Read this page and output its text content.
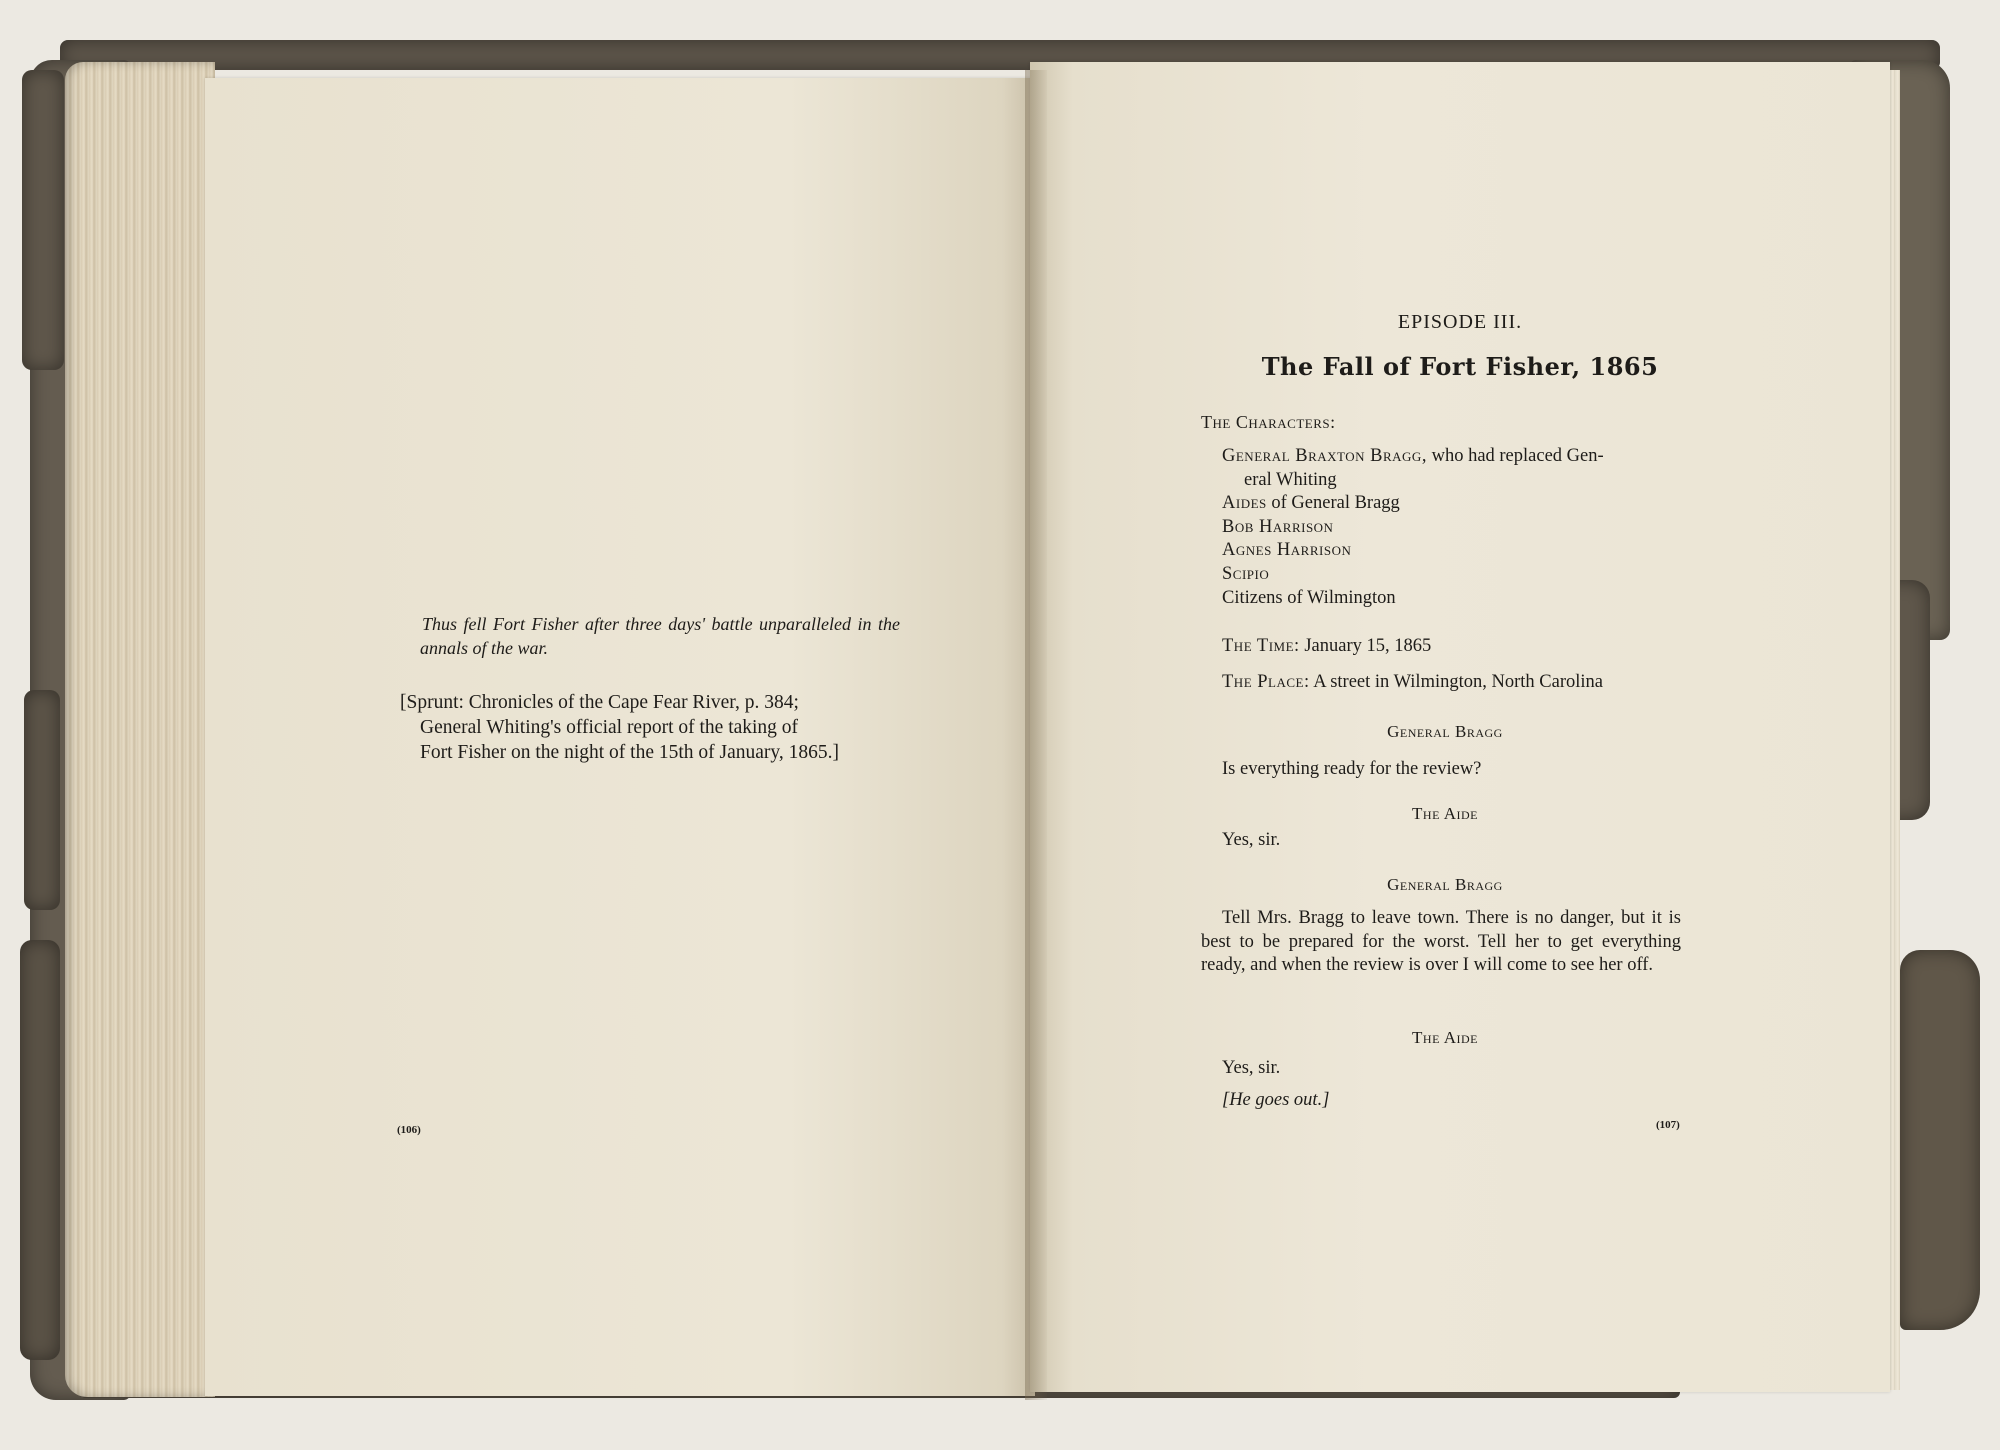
Thus fell Fort Fisher after three days' battle unparalleled in the annals of the war.
[Sprunt: Chronicles of the Cape Fear River, p. 384;
General Whiting's official report of the taking of
Fort Fisher on the night of the 15th of January, 1865.]
(106)
EPISODE III.
The Fall of Fort Fisher, 1865
The Characters:
General Braxton Bragg, who had replaced Gen-
eral Whiting
Aides of General Bragg
Bob Harrison
Agnes Harrison
Scipio
Citizens of Wilmington
The Time: January 15, 1865
The Place: A street in Wilmington, North Carolina
General Bragg
Is everything ready for the review?
The Aide
Yes, sir.
General Bragg
Tell Mrs. Bragg to leave town. There is no danger, but it is best to be prepared for the worst. Tell her to get everything ready, and when the review is over I will come to see her off.
The Aide
Yes, sir.
[He goes out.]
(107)
